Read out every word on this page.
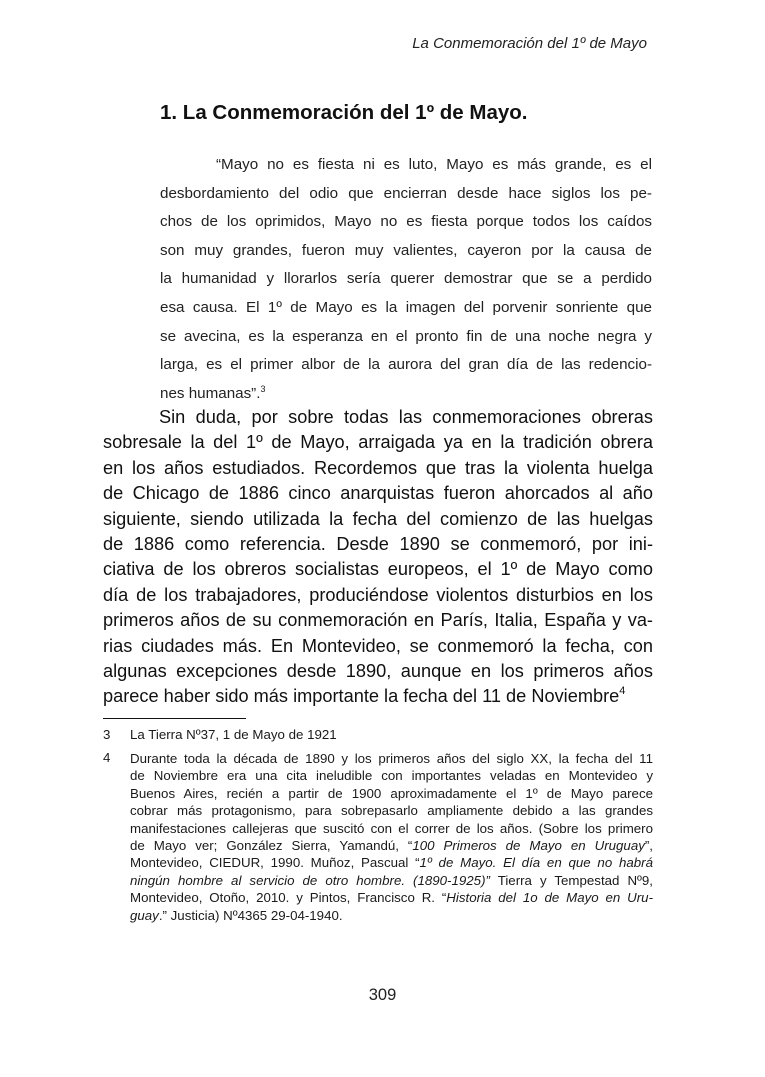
La Conmemoración del 1º de Mayo
1. La Conmemoración del 1º de Mayo.
“Mayo no es fiesta ni es luto, Mayo es más grande, es el
desbordamiento del odio que encierran desde hace siglos los pe-
chos de los oprimidos, Mayo no es fiesta porque todos los caídos
son muy grandes, fueron muy valientes, cayeron por la causa de
la humanidad y llorarlos sería querer demostrar que se a perdido
esa causa. El 1º de Mayo es la imagen del porvenir sonriente que
se avecina, es la esperanza en el pronto fin de una noche negra y
larga, es el primer albor de la aurora del gran día de las redencio-
nes humanas”.$^3$
Sin duda, por sobre todas las conmemoraciones obreras
sobresale la del 1º de Mayo, arraigada ya en la tradición obrera
en los años estudiados. Recordemos que tras la violenta huelga
de Chicago de 1886 cinco anarquistas fueron ahorcados al año
siguiente, siendo utilizada la fecha del comienzo de las huelgas
de 1886 como referencia. Desde 1890 se conmemoró, por ini-
ciativa de los obreros socialistas europeos, el 1º de Mayo como
día de los trabajadores, produciéndose violentos disturbios en los
primeros años de su conmemoración en París, Italia, España y va-
rias ciudades más. En Montevideo, se conmemoró la fecha, con
algunas excepciones desde 1890, aunque en los primeros años
parece haber sido más importante la fecha del 11 de Noviembre$^4$
3 La Tierra Nº37, 1 de Mayo de 1921
4 Durante toda la década de 1890 y los primeros años del siglo XX, la fecha del 11
de Noviembre era una cita ineludible con importantes veladas en Montevideo y
Buenos Aires, recién a partir de 1900 aproximadamente el 1º de Mayo parece
cobrar más protagonismo, para sobrepasarlo ampliamente debido a las grandes
manifestaciones callejeras que suscitó con el correr de los años. (Sobre los primero
de Mayo ver; González Sierra, Yamandú, “100 Primeros de Mayo en Uruguay”,
Montevideo, CIEDUR, 1990. Muñoz, Pascual “1º de Mayo. El día en que no habrá
ningún hombre al servicio de otro hombre. (1890-1925)” Tierra y Tempestad Nº9,
Montevideo, Otoño, 2010. y Pintos, Francisco R. “Historia del 1o de Mayo en Uru-
guay.” Justicia) Nº4365 29-04-1940.
309
